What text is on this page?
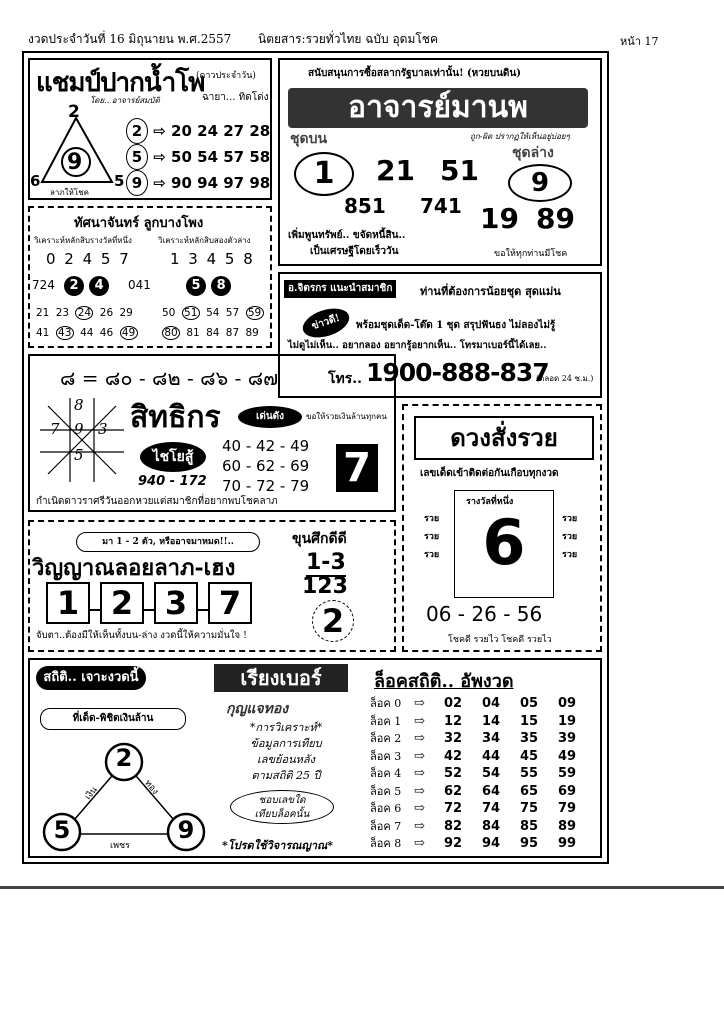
งวดประจำวันที่ 16 มิถุนายน พ.ศ.2557 นิตยสาร:รวยทั่วไทย ฉบับ อุดมโชค	หน้า 17
แชมป์ปากน้ำโพ
(ดาวประจำวัน)
โดย.. อาจารย์สมบัติ	ฉายา... ทิดโด่ง
2
9
6	5
ลาภให้โชค
2 ⇨ 20 24 27 28
5 ⇨ 50 54 57 58
9 ⇨ 90 94 97 98
ทัศนาจันทร์ ลูกบางโพง
วิเคราะห์หลักสิบรางวัลที่หนึ่ง	วิเคราะห์หลักสิบสองตัวล่าง
0 2 4 5 7	1 3 4 5 8
724	2 4	041	5 8
21 23 24 26 29	50 51 54 57 59
41 43 44 46 49	80 81 84 87 89
สนับสนุนการซื้อสลากรัฐบาลเท่านั้น! (หวยบนดิน)
อาจารย์มานพ
ถูก-ผิด ปรากฏให้เห็นอยู่บ่อยๆ
ชุดบน
ชุดล่าง
1	21 51	9
851 741 19 89
เพิ่มพูนทรัพย์.. ขจัดหนี้สิน..
เป็นเศรษฐีโดยเร็ววัน	ขอให้ทุกท่านมีโชค
อ.จิตรกร แนะนำสมาชิก	ท่านที่ต้องการน้อยชุด สุดแม่น
ข่าวดี!	พร้อมชุดเด็ด-โต๊ด 1 ชุด สรุปฟันธง ไม่ลองไม่รู้
ไม่ดูไม่เห็น.. อยากลอง อยากรู้อยากเห็น.. โทรมาเบอร์นี้ได้เลย..
โทร.. 1900-888-837
(ตลอด 24 ช.ม.)
๘ = ๘๐ - ๘๒ - ๘๖ - ๘๗
8
7 9 3
5
สิทธิกร	เด่นดัง	ขอให้รวยเงินล้านทุกคน
ไชโยสู้
40 - 42 - 49
60 - 62 - 69
70 - 72 - 79
940 - 172	7
กำเนิดดาวราศรีวันออกหวยแต่สมาชิกที่อยากพบโชคลาภ
ดวงสั่งรวย
เลขเด็ดเข้าติดต่อกันเกือบทุกงวด
รางวัลที่หนึ่ง
รวย
รวย
รวย
รวย
รวย
รวย
6
06 - 26 - 56
โชคดี รวยไว โชคดี รวยไว
มา 1 - 2 ตัว, หรืออาจมาหมด!!..
วิญญาณลอยลาภ-เฮง
1 2 3 7
ขุนศึกดีดี
1-3
123
2
จับตา..ต้องมีให้เห็นทั้งบน-ล่าง งวดนี้ให้ความมั่นใจ !
สถิติ.. เจาะงวดนี้	เรียงเบอร์
ที่เด็ด-พิชิตเงินล้าน
กุญแจทอง
*การวิเคราะห์*
ข้อมูลการเทียบ
เลขย้อนหลัง
ตามสถิติ 25 ปี
2
5	9
เงิน	ทอง
เพชร
ชอบเลขใด
เทียบล็อคนั้น
*โปรดใช้วิจารณญาณ*
ล็อคสถิติ.. อัพงวด
ล็อค 0 ⇨ 02 04 05 09
ล็อค 1 ⇨ 12 14 15 19
ล็อค 2 ⇨ 32 34 35 39
ล็อค 3 ⇨ 42 44 45 49
ล็อค 4 ⇨ 52 54 55 59
ล็อค 5 ⇨ 62 64 65 69
ล็อค 6 ⇨ 72 74 75 79
ล็อค 7 ⇨ 82 84 85 89
ล็อค 8 ⇨ 92 94 95 99
